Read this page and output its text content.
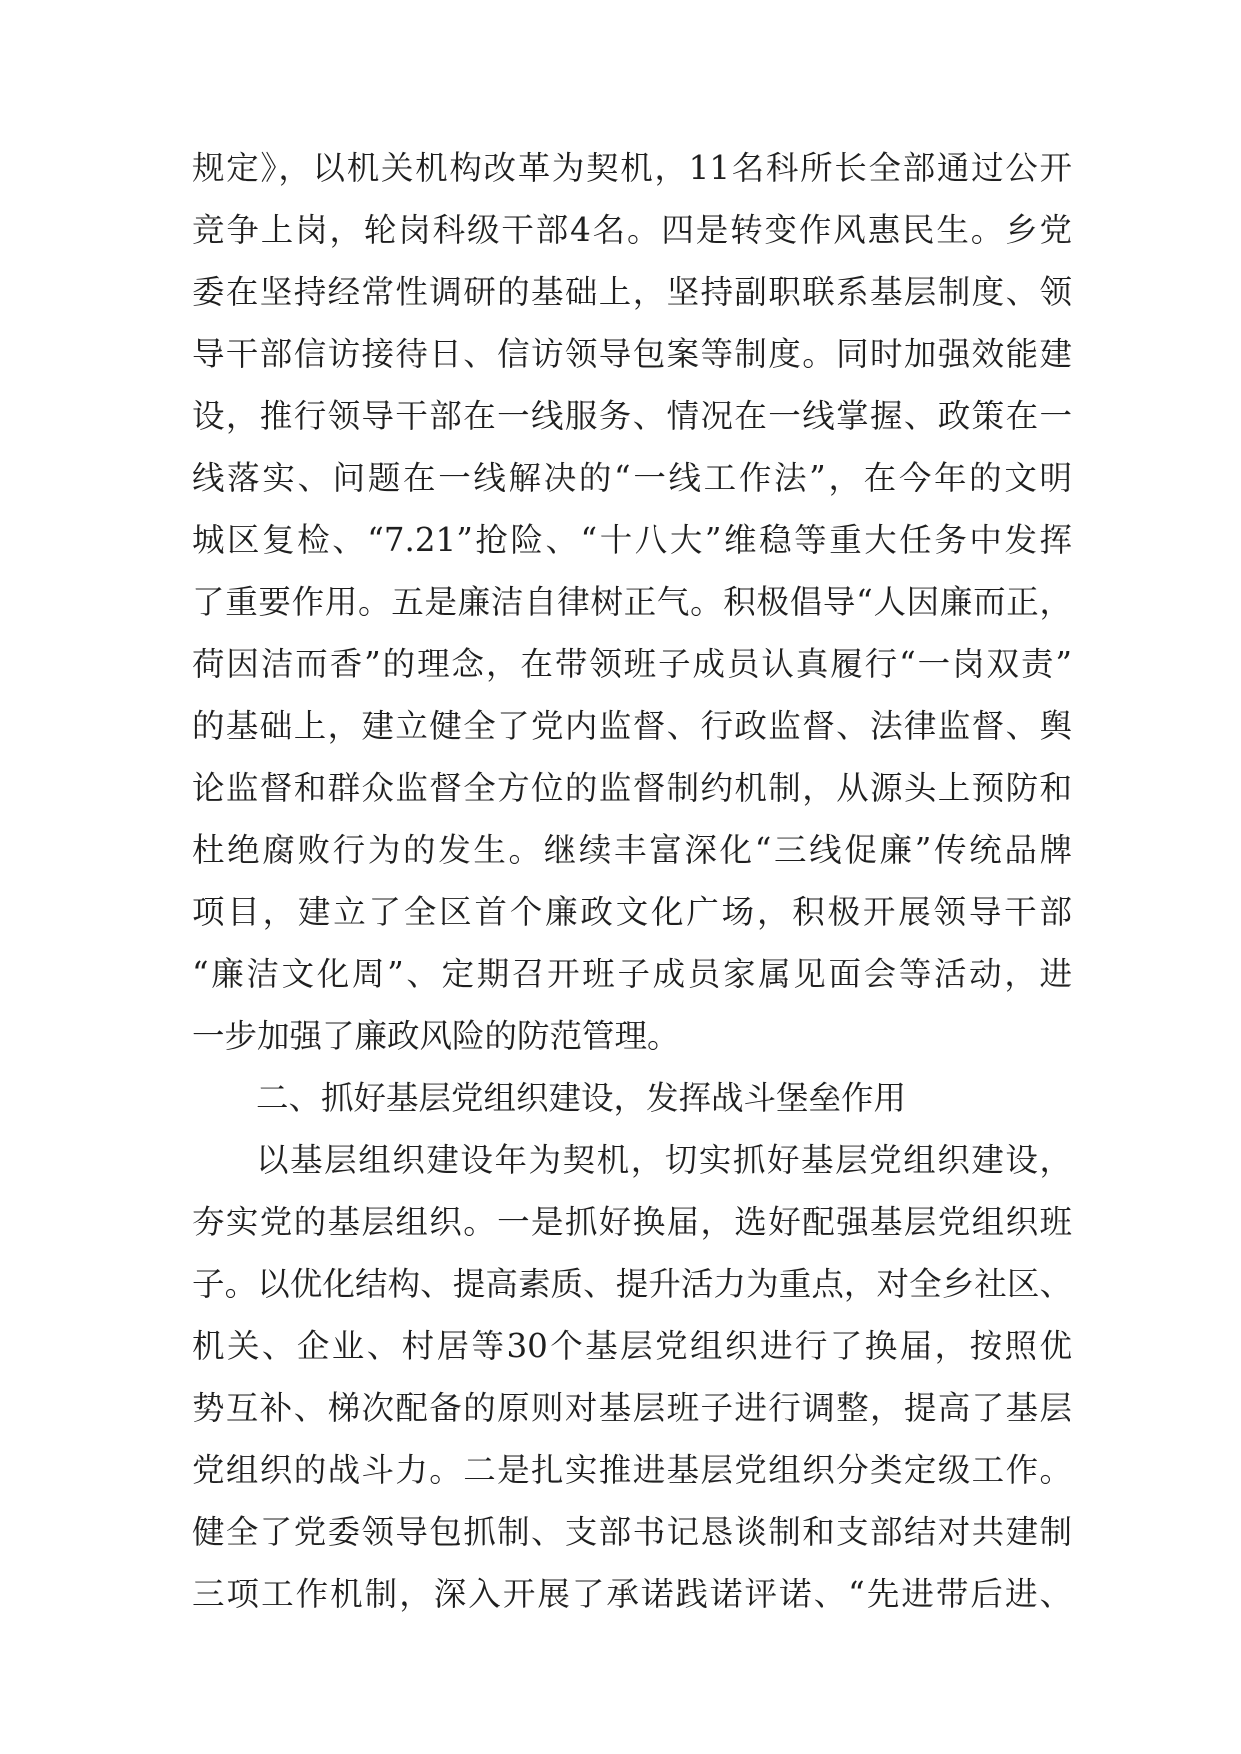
规定》，以机关机构改革为契机，11名科所长全部通过公开
竞争上岗，轮岗科级干部4名。四是转变作风惠民生。乡党
委在坚持经常性调研的基础上，坚持副职联系基层制度、领
导干部信访接待日、信访领导包案等制度。同时加强效能建
设，推行领导干部在一线服务、情况在一线掌握、政策在一
线落实、问题在一线解决的“一线工作法”，在今年的文明
城区复检、“7.21”抢险、“十八大”维稳等重大任务中发挥
了重要作用。五是廉洁自律树正气。积极倡导“人因廉而正，
荷因洁而香”的理念，在带领班子成员认真履行“一岗双责”
的基础上，建立健全了党内监督、行政监督、法律监督、舆
论监督和群众监督全方位的监督制约机制，从源头上预防和
杜绝腐败行为的发生。继续丰富深化“三线促廉”传统品牌
项目，建立了全区首个廉政文化广场，积极开展领导干部
“廉洁文化周”、定期召开班子成员家属见面会等活动，进
一步加强了廉政风险的防范管理。
二、抓好基层党组织建设，发挥战斗堡垒作用
以基层组织建设年为契机，切实抓好基层党组织建设，
夯实党的基层组织。一是抓好换届，选好配强基层党组织班
子。以优化结构、提高素质、提升活力为重点，对全乡社区、
机关、企业、村居等30个基层党组织进行了换届，按照优
势互补、梯次配备的原则对基层班子进行调整，提高了基层
党组织的战斗力。二是扎实推进基层党组织分类定级工作。
健全了党委领导包抓制、支部书记恳谈制和支部结对共建制
三项工作机制，深入开展了承诺践诺评诺、“先进带后进、
